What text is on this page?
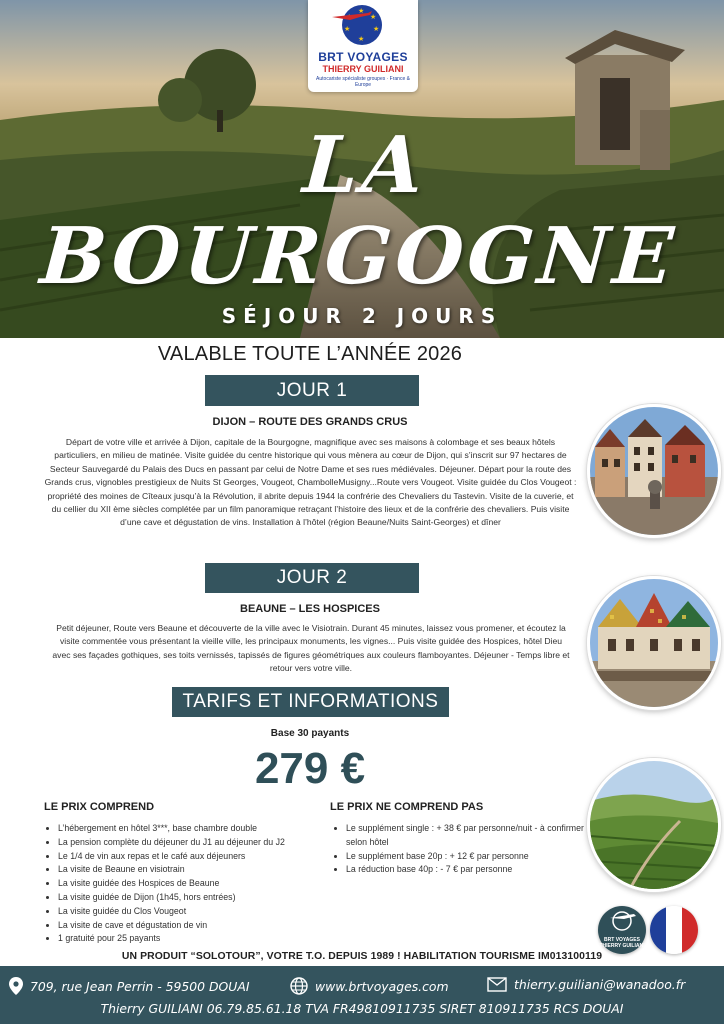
★
★
★
★
★
BRT VOYAGES
THIERRY GUILIANI
Autocariste spécialiste groupes · France & Europe
LA BOURGOGNE
SÉJOUR 2 JOURS
VALABLE TOUTE L’ANNÉE 2026
JOUR 1
DIJON – ROUTE DES GRANDS CRUS
Départ de votre ville et arrivée à Dijon, capitale de la Bourgogne, magnifique avec ses maisons à colombage et ses beaux hôtels particuliers, en milieu de matinée. Visite guidée du centre historique qui vous mènera au cœur de Dijon, qui s’inscrit sur 97 hectares de Secteur Sauvegardé du Palais des Ducs en passant par celui de Notre Dame et ses rues médiévales. Déjeuner. Départ pour la route des Grands crus, vignobles prestigieux de Nuits St Georges, Vougeot, ChambolleMusigny...Route vers Vougeot. Visite guidée du Clos Vougeot : propriété des moines de Cîteaux jusqu’à la Révolution, il abrite depuis 1944 la confrérie des Chevaliers du Tastevin. Visite de la cuverie, et du cellier du XII ème siècles complétée par un film panoramique retraçant l’histoire des lieux et de la confrérie des chevaliers. Puis visite d’une cave et dégustation de vins. Installation à l’hôtel (région Beaune/Nuits Saint-Georges) et dîner
JOUR 2
BEAUNE – LES HOSPICES
Petit déjeuner, Route vers Beaune et découverte de la ville avec le Visiotrain. Durant 45 minutes, laissez vous promener, et écoutez la visite commentée vous présentant la vieille ville, les principaux monuments, les vignes... Puis visite guidée des Hospices, hôtel Dieu avec ses façades gothiques, ses toits vernissés, tapissés de figures géométriques aux couleurs flamboyantes. Déjeuner - Temps libre et retour vers votre ville.
TARIFS ET INFORMATIONS
Base 30 payants
279 €
LE PRIX COMPREND
• L’hébergement en hôtel 3***, base chambre double
• La pension complète du déjeuner du J1 au déjeuner du J2
• Le 1/4 de vin aux repas et le café aux déjeuners
• La visite de Beaune en visiotrain
• La visite guidée des Hospices de Beaune
• La visite guidée de Dijon (1h45, hors entrées)
• La visite guidée du Clos Vougeot
• La visite de cave et dégustation de vin
• 1 gratuité pour 25 payants
LE PRIX NE COMPREND PAS
• Le supplément single : + 38 € par personne/nuit - à confirmer selon hôtel
• Le supplément base 20p : + 12 € par personne
• La réduction base 40p : - 7 € par personne
BRT VOYAGES
THIERRY GUILIANI
UN PRODUIT “SOLOTOUR”, VOTRE T.O. DEPUIS 1989 ! HABILITATION TOURISME IM013100119
709, rue Jean Perrin - 59500 DOUAI	www.brtvoyages.com	thierry.guiliani@wanadoo.fr
Thierry GUILIANI 06.79.85.61.18 TVA FR49810911735 SIRET 810911735 RCS DOUAI
